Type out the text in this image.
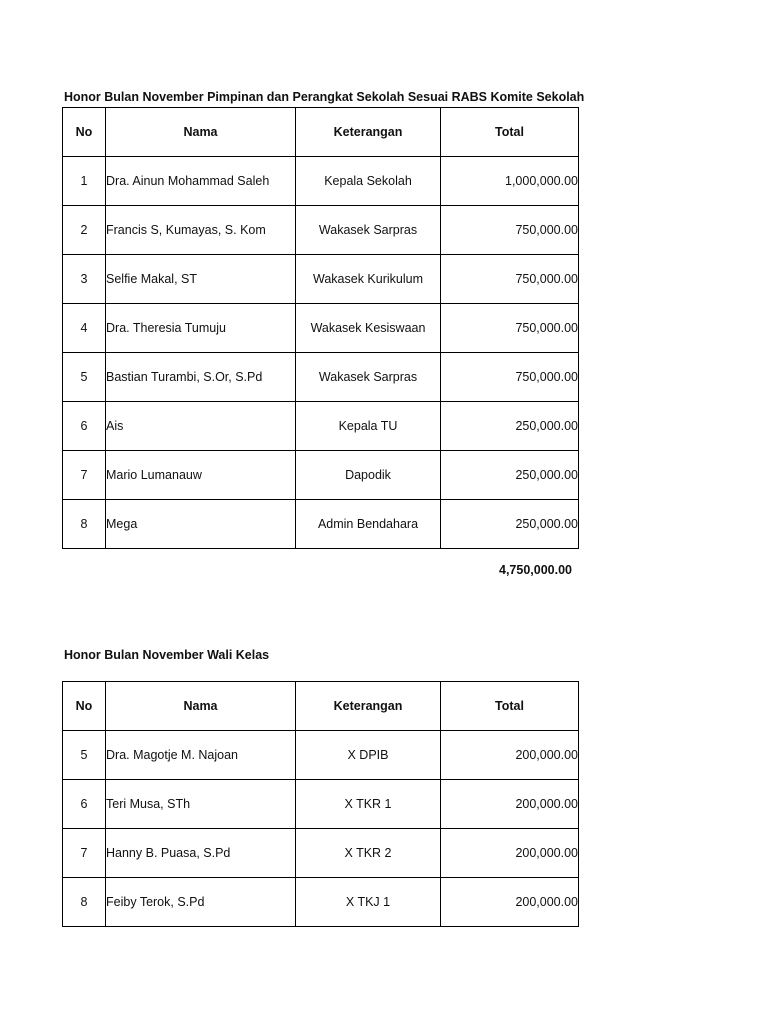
Honor Bulan November Pimpinan dan Perangkat Sekolah Sesuai RABS Komite Sekolah
No	Nama	Keterangan	Total
1	Dra. Ainun Mohammad Saleh	Kepala Sekolah	1,000,000.00
2	Francis S, Kumayas, S. Kom	Wakasek Sarpras	750,000.00
3	Selfie Makal, ST	Wakasek Kurikulum	750,000.00
4	Dra. Theresia Tumuju	Wakasek Kesiswaan	750,000.00
5	Bastian Turambi, S.Or, S.Pd	Wakasek Sarpras	750,000.00
6	Ais	Kepala TU	250,000.00
7	Mario Lumanauw	Dapodik	250,000.00
8	Mega	Admin Bendahara	250,000.00
4,750,000.00
Honor Bulan November Wali Kelas
No	Nama	Keterangan	Total
5	Dra. Magotje M. Najoan	X DPIB	200,000.00
6	Teri Musa, STh	X TKR 1	200,000.00
7	Hanny B. Puasa, S.Pd	X TKR 2	200,000.00
8	Feiby Terok, S.Pd	X TKJ 1	200,000.00
